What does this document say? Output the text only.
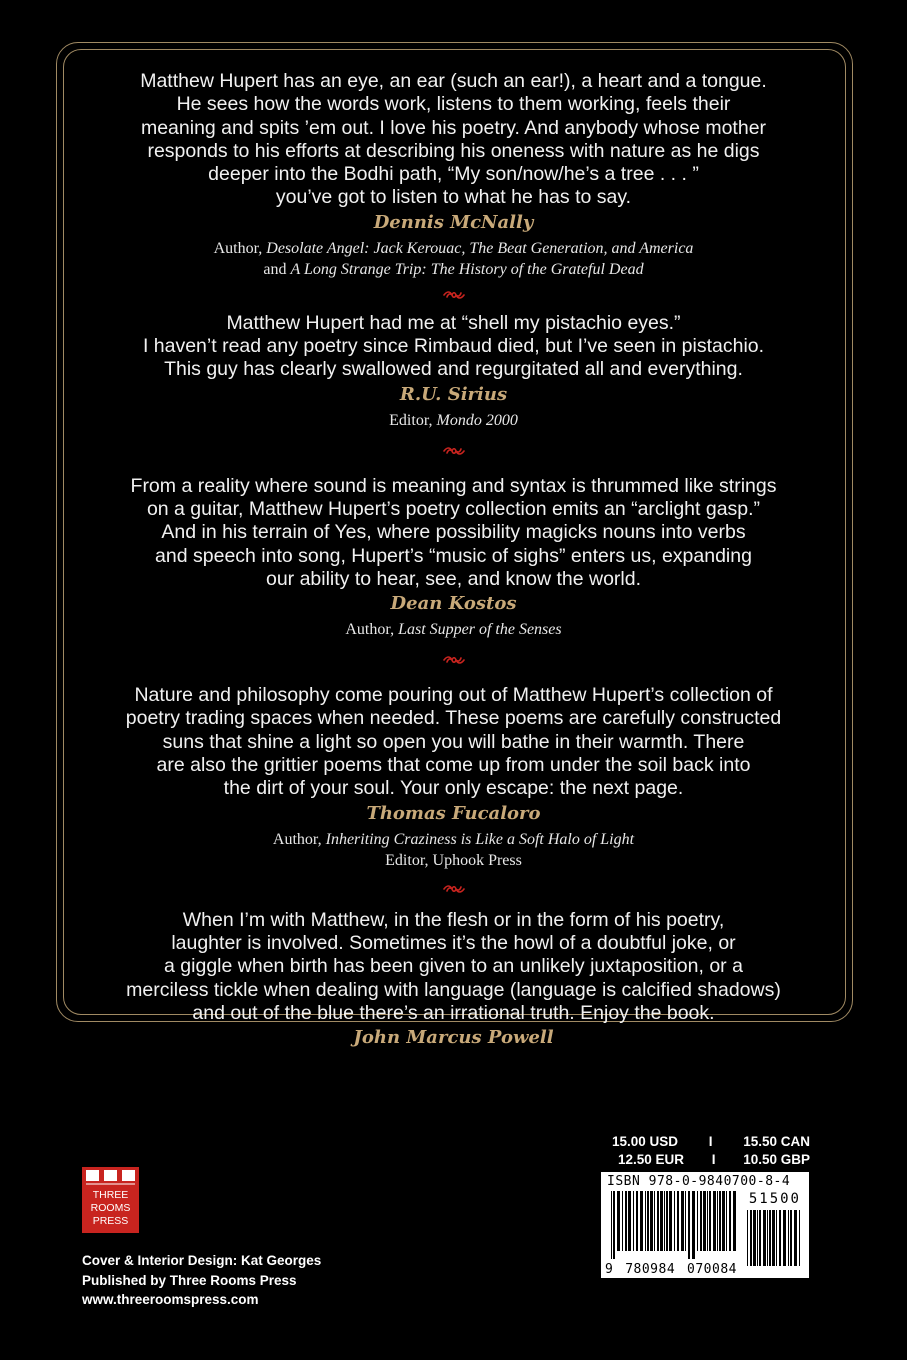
Matthew Hupert has an eye, an ear (such an ear!), a heart and a tongue.
He sees how the words work, listens to them working, feels their
meaning and spits ’em out. I love his poetry. And anybody whose mother
responds to his efforts at describing his oneness with nature as he digs
deeper into the Bodhi path, “My son/now/he’s a tree . . . ”
you’ve got to listen to what he has to say.

Dennis McNally

Author, Desolate Angel: Jack Kerouac, The Beat Generation, and America
and A Long Strange Trip: The History of the Grateful Dead

Matthew Hupert had me at “shell my pistachio eyes.”
I haven’t read any poetry since Rimbaud died, but I’ve seen in pistachio.
This guy has clearly swallowed and regurgitated all and everything.

R.U. Sirius

Editor, Mondo 2000

From a reality where sound is meaning and syntax is thrummed like strings
on a guitar, Matthew Hupert’s poetry collection emits an “arclight gasp.”
And in his terrain of Yes, where possibility magicks nouns into verbs
and speech into song, Hupert’s “music of sighs” enters us, expanding
our ability to hear, see, and know the world.

Dean Kostos

Author, Last Supper of the Senses

Nature and philosophy come pouring out of Matthew Hupert’s collection of
poetry trading spaces when needed. These poems are carefully constructed
suns that shine a light so open you will bathe in their warmth. There
are also the grittier poems that come up from under the soil back into
the dirt of your soul. Your only escape: the next page.

Thomas Fucaloro

Author, Inheriting Craziness is Like a Soft Halo of Light
Editor, Uphook Press

When I’m with Matthew, in the flesh or in the form of his poetry,
laughter is involved. Sometimes it’s the howl of a doubtful joke, or
a giggle when birth has been given to an unlikely juxtaposition, or a
merciless tickle when dealing with language (language is calcified shadows)
and out of the blue there’s an irrational truth. Enjoy the book.

John Marcus Powell
15.00 USD I 15.50 CAN
12.50 EUR I 10.50 GBP
ISBN 978-0-9840700-8-4
51500
9 780984 070084
THREE
ROOMS
PRESS
Cover & Interior Design: Kat Georges
Published by Three Rooms Press
www.threeroomspress.com
